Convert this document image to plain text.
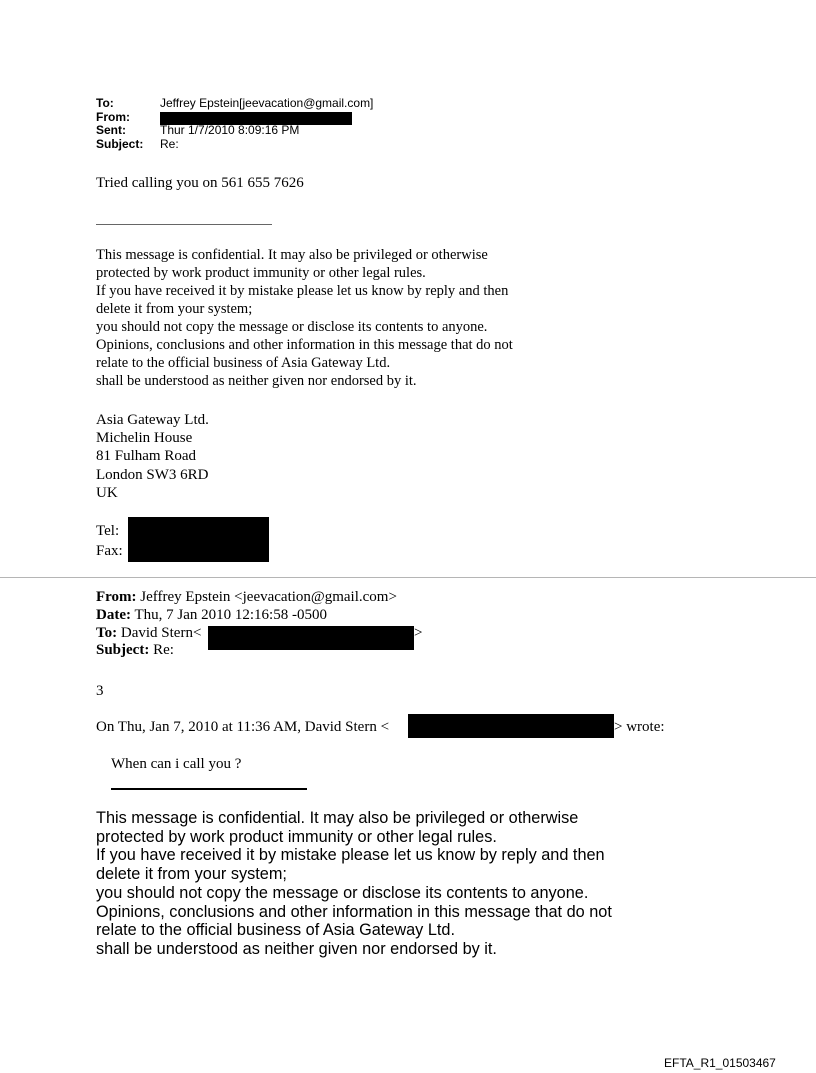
To:	Jeffrey Epstein[jeevacation@gmail.com]
From:
Sent:	Thur 1/7/2010 8:09:16 PM
Subject:	Re:
Tried calling you on 561 655 7626
This message is confidential. It may also be privileged or otherwise
protected by work product immunity or other legal rules.
If you have received it by mistake please let us know by reply and then
delete it from your system;
you should not copy the message or disclose its contents to anyone.
Opinions, conclusions and other information in this message that do not
relate to the official business of Asia Gateway Ltd.
shall be understood as neither given nor endorsed by it.
Asia Gateway Ltd.
Michelin House
81 Fulham Road
London SW3 6RD
UK
Tel:
Fax:
From: Jeffrey Epstein <jeevacation@gmail.com>
Date: Thu, 7 Jan 2010 12:16:58 -0500
To: David Stern<
Subject: Re:
>
3
On Thu, Jan 7, 2010 at 11:36 AM, David Stern <	> wrote:
When can i call you ?
This message is confidential. It may also be privileged or otherwise
protected by work product immunity or other legal rules.
If you have received it by mistake please let us know by reply and then
delete it from your system;
you should not copy the message or disclose its contents to anyone.
Opinions, conclusions and other information in this message that do not
relate to the official business of Asia Gateway Ltd.
shall be understood as neither given nor endorsed by it.
EFTA_R1_01503467
